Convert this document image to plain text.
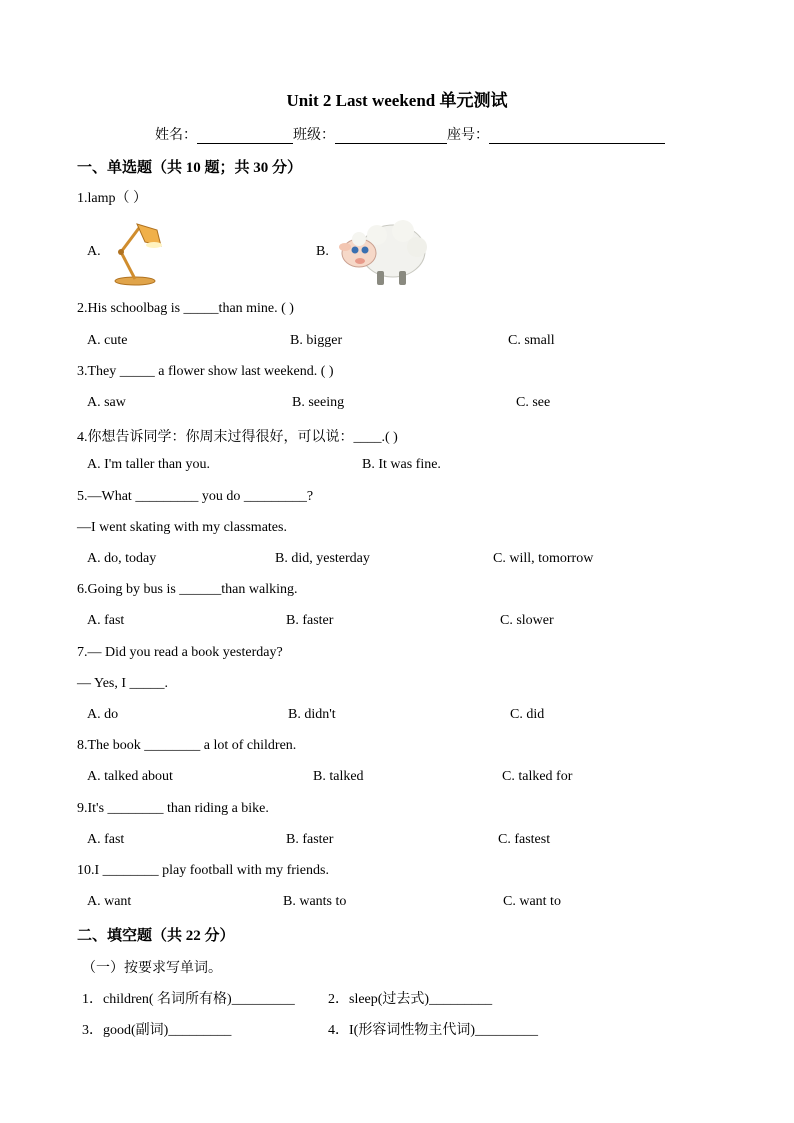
Unit 2 Last weekend 单元测试
姓名：	班级：	座号：
一、单选题（共 10 题；共 30 分）
1.lamp（ ）
A.	B.
2.His schoolbag is _____than mine. ( )
A. cute	B. bigger	C. small
3.They _____ a flower show last weekend. ( )
A. saw	B. seeing	C. see
4.你想告诉同学：你周末过得很好，可以说：____.( )
A. I'm taller than you.	B. It was fine.
5.—What _________ you do _________?
—I went skating with my classmates.
A. do, today	B. did, yesterday	C. will, tomorrow
6.Going by bus is ______than walking.
A. fast	B. faster	C. slower
7.— Did you read a book yesterday?
— Yes, I _____.
A. do	B. didn't	C. did
8.The book ________ a lot of children.
A. talked about	B. talked	C. talked for
9.It's ________ than riding a bike.
A. fast	B. faster	C. fastest
10.I ________ play football with my friends.
A. want	B. wants to	C. want to
二、填空题（共 22 分）
（一）按要求写单词。
1．children( 名词所有格)_________ 2．sleep(过去式)_________
3．good(副词)_________	4．I(形容词性物主代词)_________
